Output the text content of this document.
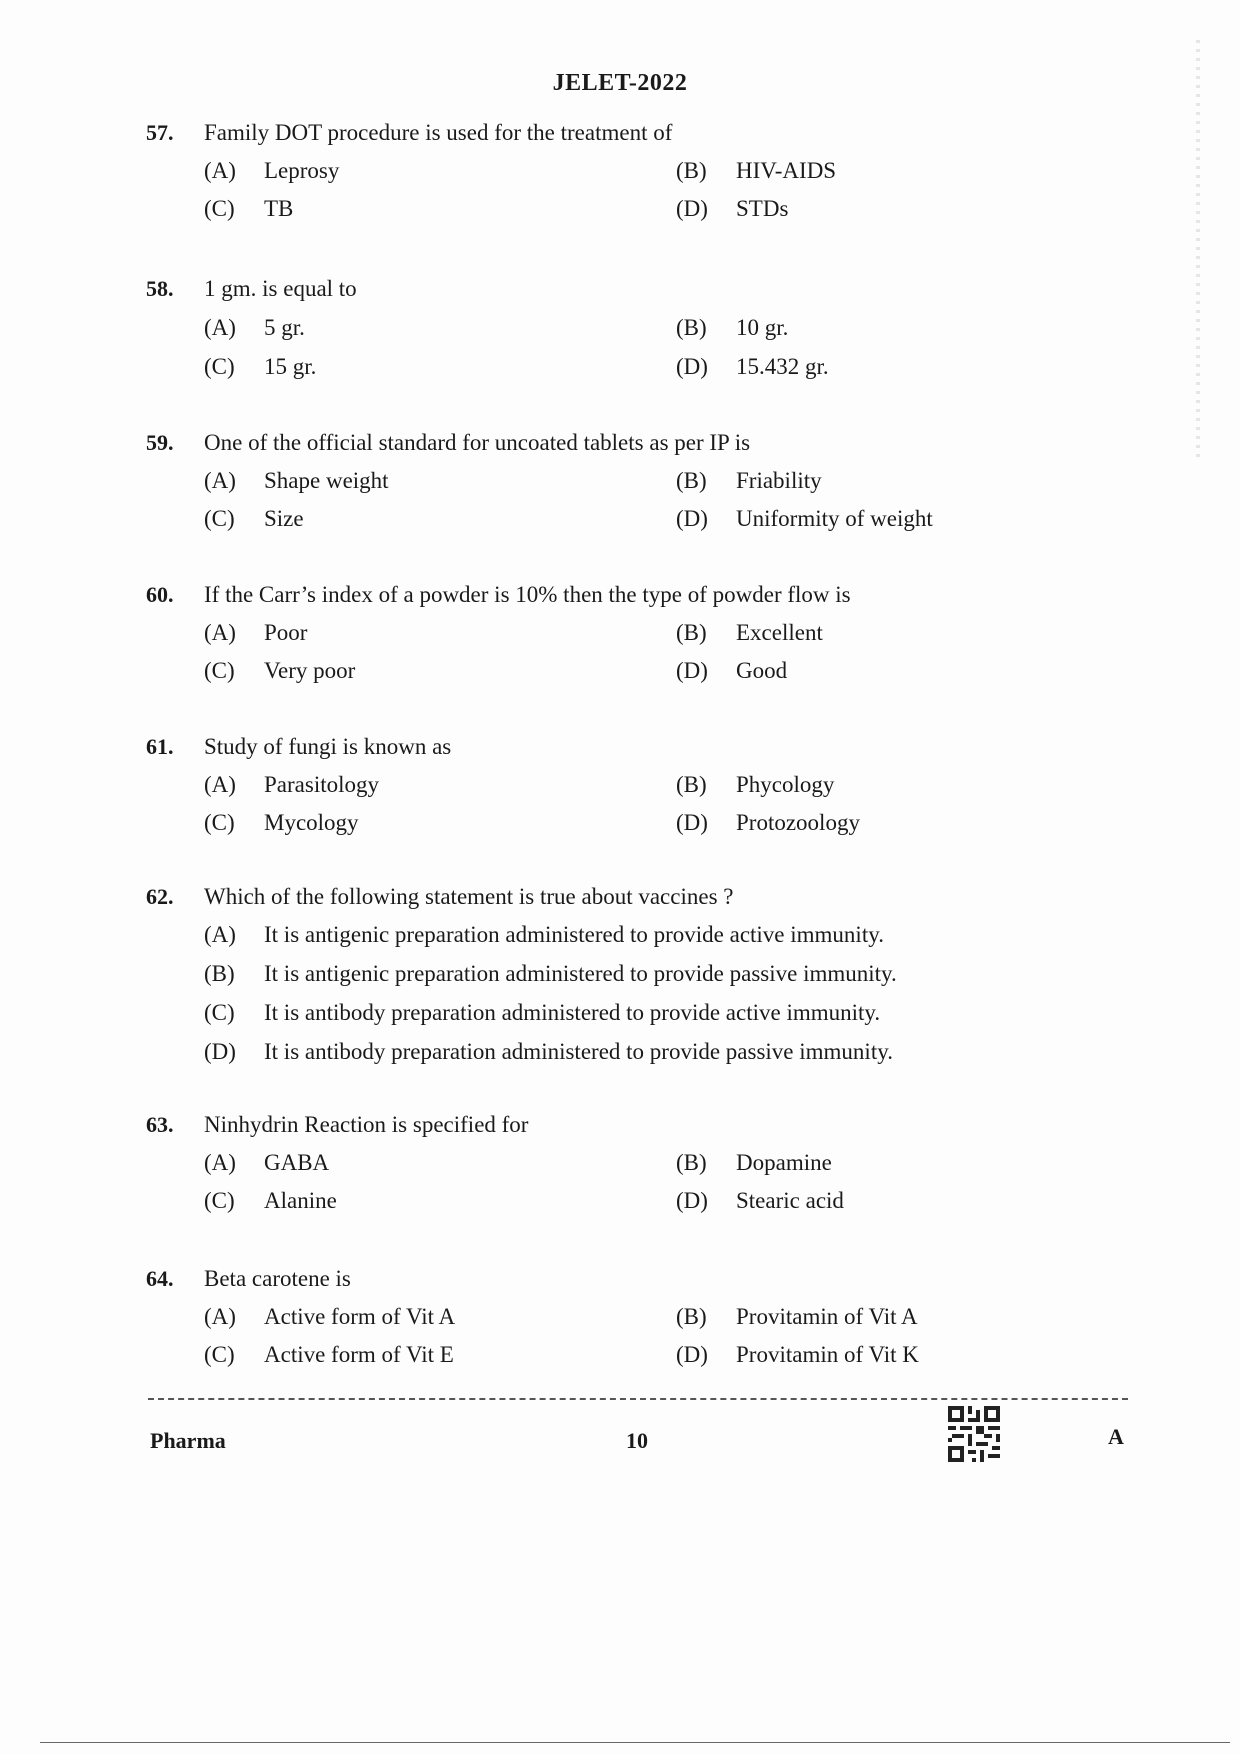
JELET-2022
57. Family DOT procedure is used for the treatment of
(A) Leprosy	(B) HIV-AIDS
(C) TB	(D) STDs
58. 1 gm. is equal to
(A) 5 gr.	(B) 10 gr.
(C) 15 gr.	(D) 15.432 gr.
59. One of the official standard for uncoated tablets as per IP is
(A) Shape weight	(B) Friability
(C) Size	(D) Uniformity of weight
60. If the Carr’s index of a powder is 10% then the type of powder flow is
(A) Poor	(B) Excellent
(C) Very poor	(D) Good
61. Study of fungi is known as
(A) Parasitology	(B) Phycology
(C) Mycology	(D) Protozoology
62. Which of the following statement is true about vaccines ?
(A) It is antigenic preparation administered to provide active immunity.
(B) It is antigenic preparation administered to provide passive immunity.
(C) It is antibody preparation administered to provide active immunity.
(D) It is antibody preparation administered to provide passive immunity.
63. Ninhydrin Reaction is specified for
(A) GABA	(B) Dopamine
(C) Alanine	(D) Stearic acid
64. Beta carotene is
(A) Active form of Vit A	(B) Provitamin of Vit A
(C) Active form of Vit E	(D) Provitamin of Vit K
Pharma	10	A
